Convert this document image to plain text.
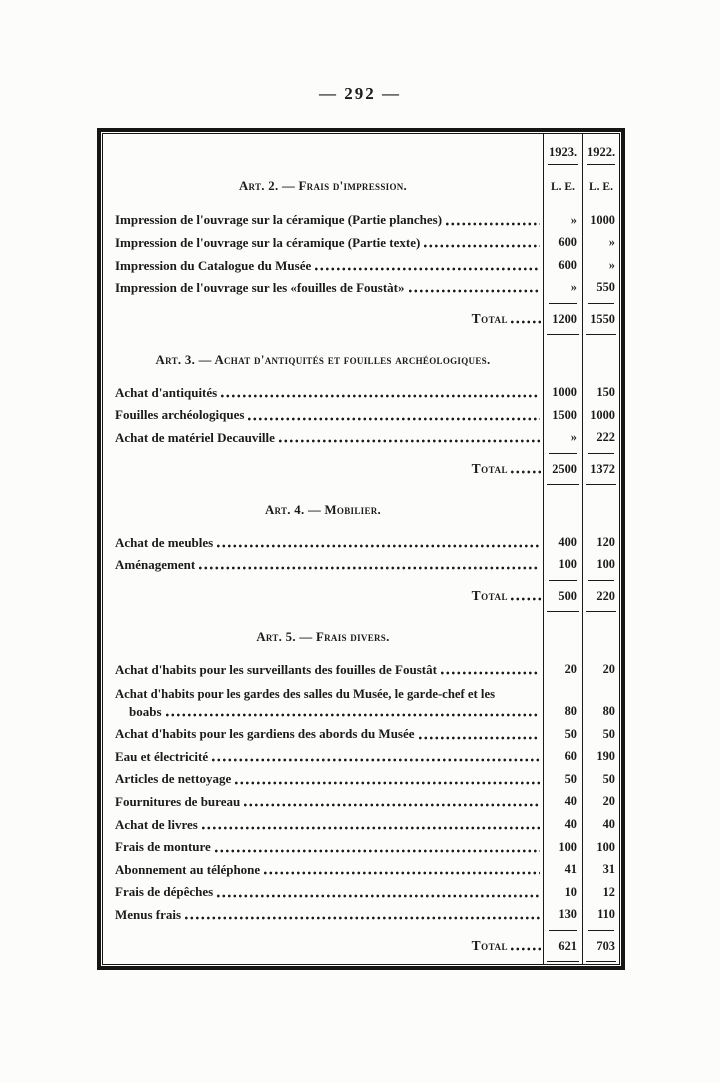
— 292 —
1923. 1922.
Art. 2. — Frais d'impression.	L. E.	L. E.
Impression de l'ouvrage sur la céramique (Partie planches)	»	1000
Impression de l'ouvrage sur la céramique (Partie texte)	600	»
Impression du Catalogue du Musée	600	»
Impression de l'ouvrage sur les «fouilles de Foustàt»	»	550
Total	1200	1550
Art. 3. — Achat d'antiquités et fouilles archéologiques.
Achat d'antiquités	1000	150
Fouilles archéologiques	1500	1000
Achat de matériel Decauville	»	222
Total	2500	1372
Art. 4. — Mobilier.
Achat de meubles	400	120
Aménagement	100	100
Total	500	220
Art. 5. — Frais divers.
Achat d'habits pour les surveillants des fouilles de Foustât	20	20
Achat d'habits pour les gardes des salles du Musée, le garde-chef et les
boabs	80	80
Achat d'habits pour les gardiens des abords du Musée	50	50
Eau et électricité	60	190
Articles de nettoyage	50	50
Fournitures de bureau	40	20
Achat de livres	40	40
Frais de monture	100	100
Abonnement au téléphone	41	31
Frais de dépêches	10	12
Menus frais	130	110
Total	621	703
